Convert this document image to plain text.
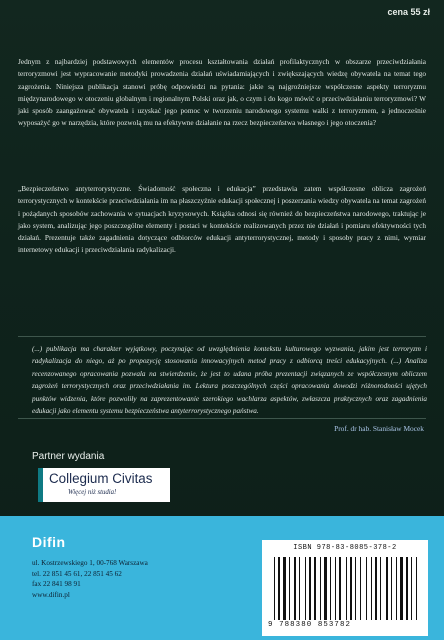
cena 55 zł

Jednym z najbardziej podstawowych elementów procesu kształtowania działań profilaktycznych w obszarze przeciwdziałania terroryzmowi jest wypracowanie metodyki prowadzenia działań uświadamiających i zwiększających wiedzę obywatela na temat tego zagrożenia. Niniejsza publikacja stanowi próbę odpowiedzi na pytania: jakie są najgroźniejsze współczesne aspekty terroryzmu międzynarodowego w otoczeniu globalnym i regionalnym Polski oraz jak, o czym i do kogo mówić o przeciwdziałaniu terroryzmowi? W jaki sposób zaangażować obywatela i uzyskać jego pomoc w tworzeniu narodowego systemu walki z terroryzmem, a jednocześnie wyposażyć go w narzędzia, które pozwolą mu na efektywne działanie na rzecz bezpieczeństwa własnego i jego otoczenia?

„Bezpieczeństwo antyterrorystyczne. Świadomość społeczna i edukacja” przedstawia zatem współczesne oblicza zagrożeń terrorystycznych w kontekście przeciwdziałania im na płaszczyźnie edukacji społecznej i poszerzania wiedzy obywatela na temat zagrożeń i pożądanych sposobów zachowania w sytuacjach kryzysowych. Książka odnosi się również do bezpieczeństwa narodowego, traktując je jako system, analizując jego poszczególne elementy i postaci w kontekście realizowanych przez nie działań i pomiaru efektywności tych działań. Prezentuje także zagadnienia dotyczące odbiorców edukacji antyterrorystycznej, metody i sposoby pracy z nimi, wymiar internetowy edukacji i przeciwdziałania radykalizacji.

(...) publikacja ma charakter wyjątkowy, poczynając od uwzględnienia kontekstu kulturowego wyzwania, jakim jest terroryzm i radykalizacja do niego, aż po propozycję stosowania innowacyjnych metod pracy z odbiorcą treści edukacyjnych. (...) Analiza recenzowanego opracowania pozwala na stwierdzenie, że jest to udana próba prezentacji związanych ze współczesnym obliczem zagrożeń terrorystycznych oraz przeciwdziałania im. Lektura poszczególnych części opracowania dowodzi różnorodności ujętych punktów widzenia, które pozwoliły na zaprezentowanie szerokiego wachlarza aspektów, zwłaszcza praktycznych oraz zagadnienia edukacji jako elementu systemu bezpieczeństwa antyterrorystycznego państwa.
Prof. dr hab. Stanisław Mocek
Partner wydania
Collegium Civitas
Więcej niż studia!
Difin
ul. Kostrzewskiego 1, 00-768 Warszawa
tel. 22 851 45 61, 22 851 45 62
fax 22 841 98 91
www.difin.pl
ISBN 978-83-8085-378-2
9 788380 853782
